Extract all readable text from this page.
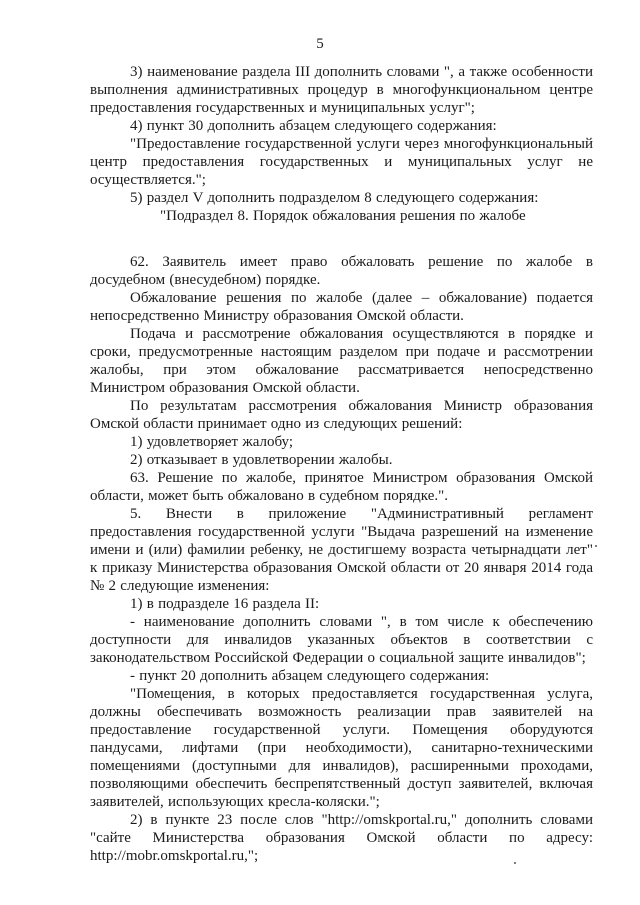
5

3) наименование раздела III дополнить словами ", а также особенности выполнения административных процедур в многофункциональном центре предоставления государственных и муниципальных услуг";

4) пункт 30 дополнить абзацем следующего содержания:

"Предоставление государственной услуги через многофункциональный центр предоставления государственных и муниципальных услуг не осуществляется.";

5) раздел V дополнить подразделом 8 следующего содержания:

"Подраздел 8. Порядок обжалования решения по жалобе

62. Заявитель имеет право обжаловать решение по жалобе в досудебном (внесудебном) порядке.

Обжалование решения по жалобе (далее – обжалование) подается непосредственно Министру образования Омской области.

Подача и рассмотрение обжалования осуществляются в порядке и сроки, предусмотренные настоящим разделом при подаче и рассмотрении жалобы, при этом обжалование рассматривается непосредственно Министром образования Омской области.

По результатам рассмотрения обжалования Министр образования Омской области принимает одно из следующих решений:

1) удовлетворяет жалобу;

2) отказывает в удовлетворении жалобы.

63. Решение по жалобе, принятое Министром образования Омской области, может быть обжаловано в судебном порядке.".

5. Внести в приложение "Административный регламент предоставления государственной услуги "Выдача разрешений на изменение имени и (или) фамилии ребенку, не достигшему возраста четырнадцати лет" к приказу Министерства образования Омской области от 20 января 2014 года № 2 следующие изменения:

1) в подразделе 16 раздела II:

- наименование дополнить словами ", в том числе к обеспечению доступности для инвалидов указанных объектов в соответствии с законодательством Российской Федерации о социальной защите инвалидов";

- пункт 20 дополнить абзацем следующего содержания:

"Помещения, в которых предоставляется государственная услуга, должны обеспечивать возможность реализации прав заявителей на предоставление государственной услуги. Помещения оборудуются пандусами, лифтами (при необходимости), санитарно-техническими помещениями (доступными для инвалидов), расширенными проходами, позволяющими обеспечить беспрепятственный доступ заявителей, включая заявителей, использующих кресла-коляски.";

2) в пункте 23 после слов "http://omskportal.ru," дополнить словами "сайте Министерства образования Омской области по адресу: http://mobr.omskportal.ru,";
